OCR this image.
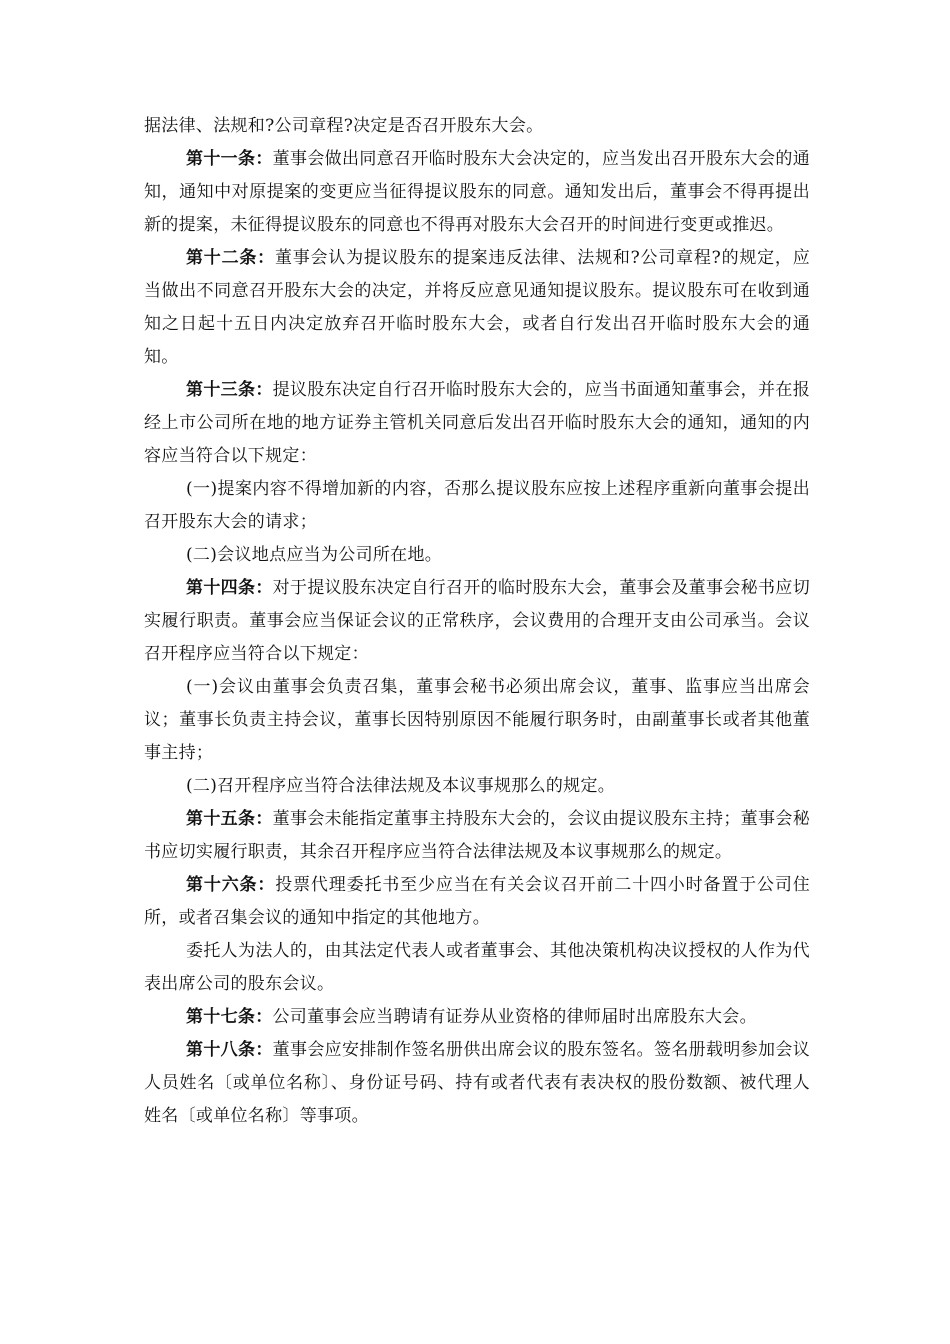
据法律、法规和?公司章程?决定是否召开股东大会。

第十一条：董事会做出同意召开临时股东大会决定的，应当发出召开股东大会的通知，通知中对原提案的变更应当征得提议股东的同意。通知发出后，董事会不得再提出新的提案，未征得提议股东的同意也不得再对股东大会召开的时间进行变更或推迟。

第十二条：董事会认为提议股东的提案违反法律、法规和?公司章程?的规定，应当做出不同意召开股东大会的决定，并将反应意见通知提议股东。提议股东可在收到通知之日起十五日内决定放弃召开临时股东大会，或者自行发出召开临时股东大会的通知。

第十三条：提议股东决定自行召开临时股东大会的，应当书面通知董事会，并在报经上市公司所在地的地方证券主管机关同意后发出召开临时股东大会的通知，通知的内容应当符合以下规定：

(一)提案内容不得增加新的内容，否那么提议股东应按上述程序重新向董事会提出召开股东大会的请求；

(二)会议地点应当为公司所在地。

第十四条：对于提议股东决定自行召开的临时股东大会，董事会及董事会秘书应切实履行职责。董事会应当保证会议的正常秩序，会议费用的合理开支由公司承当。会议召开程序应当符合以下规定：

(一)会议由董事会负责召集，董事会秘书必须出席会议，董事、监事应当出席会议；董事长负责主持会议，董事长因特别原因不能履行职务时，由副董事长或者其他董事主持；

(二)召开程序应当符合法律法规及本议事规那么的规定。

第十五条：董事会未能指定董事主持股东大会的，会议由提议股东主持；董事会秘书应切实履行职责，其余召开程序应当符合法律法规及本议事规那么的规定。

第十六条：投票代理委托书至少应当在有关会议召开前二十四小时备置于公司住所，或者召集会议的通知中指定的其他地方。

委托人为法人的，由其法定代表人或者董事会、其他决策机构决议授权的人作为代表出席公司的股东会议。

第十七条：公司董事会应当聘请有证券从业资格的律师届时出席股东大会。

第十八条：董事会应安排制作签名册供出席会议的股东签名。签名册载明参加会议人员姓名〔或单位名称〕、身份证号码、持有或者代表有表决权的股份数额、被代理人姓名〔或单位名称〕等事项。
